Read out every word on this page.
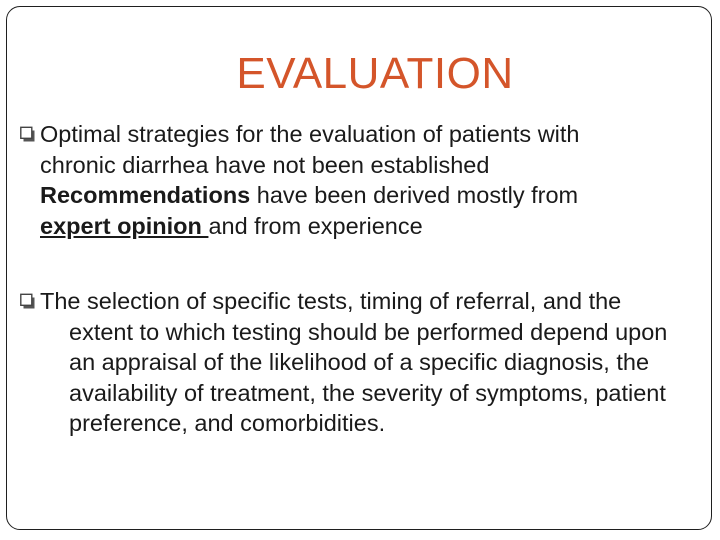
EVALUATION
Optimal strategies for the evaluation of patients with
chronic diarrhea have not been established
Recommendations have been derived mostly from
expert opinion and from experience
The selection of specific tests, timing of referral, and the extent to which testing should be performed depend upon an appraisal of the likelihood of a specific diagnosis, the availability of treatment, the severity of symptoms, patient preference, and comorbidities.
